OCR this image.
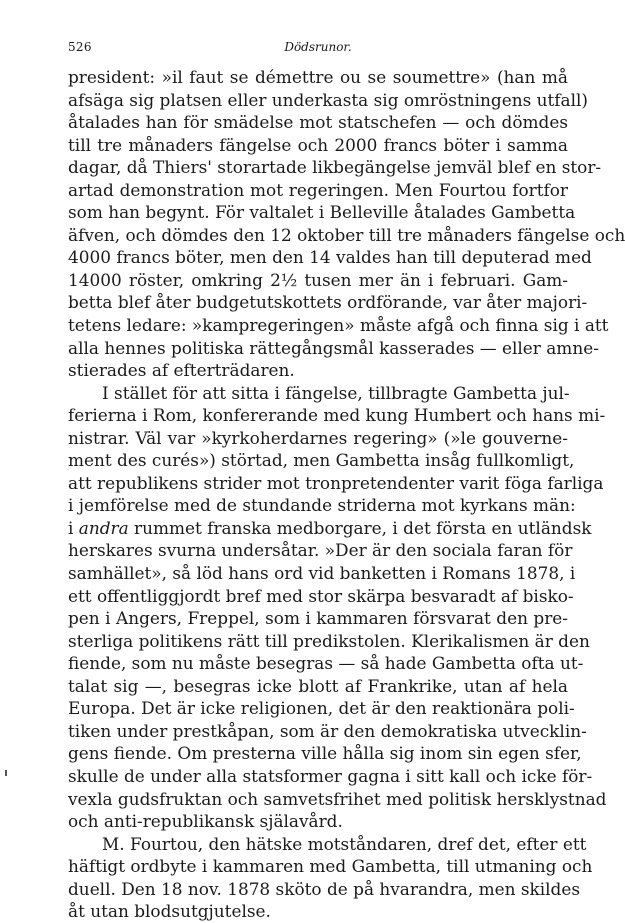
526	Dödsrunor.
president: »il faut se démettre ou se soumettre» (han må
afsäga sig platsen eller underkasta sig omröstningens utfall)
åtalades han för smädelse mot statschefen — och dömdes
till tre månaders fängelse och 2000 francs böter i samma
dagar, då Thiers' storartade likbegängelse jemväl blef en stor-
artad demonstration mot regeringen. Men Fourtou fortfor
som han begynt. För valtalet i Belleville åtalades Gambetta
äfven, och dömdes den 12 oktober till tre månaders fängelse och
4000 francs böter, men den 14 valdes han till deputerad med
14000 röster, omkring 2½ tusen mer än i februari. Gam-
betta blef åter budgetutskottets ordförande, var åter majori-
tetens ledare: »kampregeringen» måste afgå och finna sig i att
alla hennes politiska rättegångsmål kasserades — eller amne-
stierades af efterträdaren.
I stället för att sitta i fängelse, tillbragte Gambetta jul-
ferierna i Rom, konfererande med kung Humbert och hans mi-
nistrar. Väl var »kyrkoherdarnes regering» (»le gouverne-
ment des curés») störtad, men Gambetta insåg fullkomligt,
att republikens strider mot tronpretendenter varit föga farliga
i jemförelse med de stundande striderna mot kyrkans män:
i andra rummet franska medborgare, i det första en utländsk
herskares svurna undersåtar. »Der är den sociala faran för
samhället», så löd hans ord vid banketten i Romans 1878, i
ett offentliggjordt bref med stor skärpa besvaradt af bisko-
pen i Angers, Freppel, som i kammaren försvarat den pre-
sterliga politikens rätt till predikstolen. Klerikalismen är den
fiende, som nu måste besegras — så hade Gambetta ofta ut-
talat sig —, besegras icke blott af Frankrike, utan af hela
Europa. Det är icke religionen, det är den reaktionära poli-
tiken under prestkåpan, som är den demokratiska utvecklin-
gens fiende. Om presterna ville hålla sig inom sin egen sfer,
skulle de under alla statsformer gagna i sitt kall och icke för-
vexla gudsfruktan och samvetsfrihet med politisk hersklystnad
och anti-republikansk själavård.
M. Fourtou, den hätske motståndaren, dref det, efter ett
häftigt ordbyte i kammaren med Gambetta, till utmaning och
duell. Den 18 nov. 1878 sköto de på hvarandra, men skildes
åt utan blodsutgjutelse.
